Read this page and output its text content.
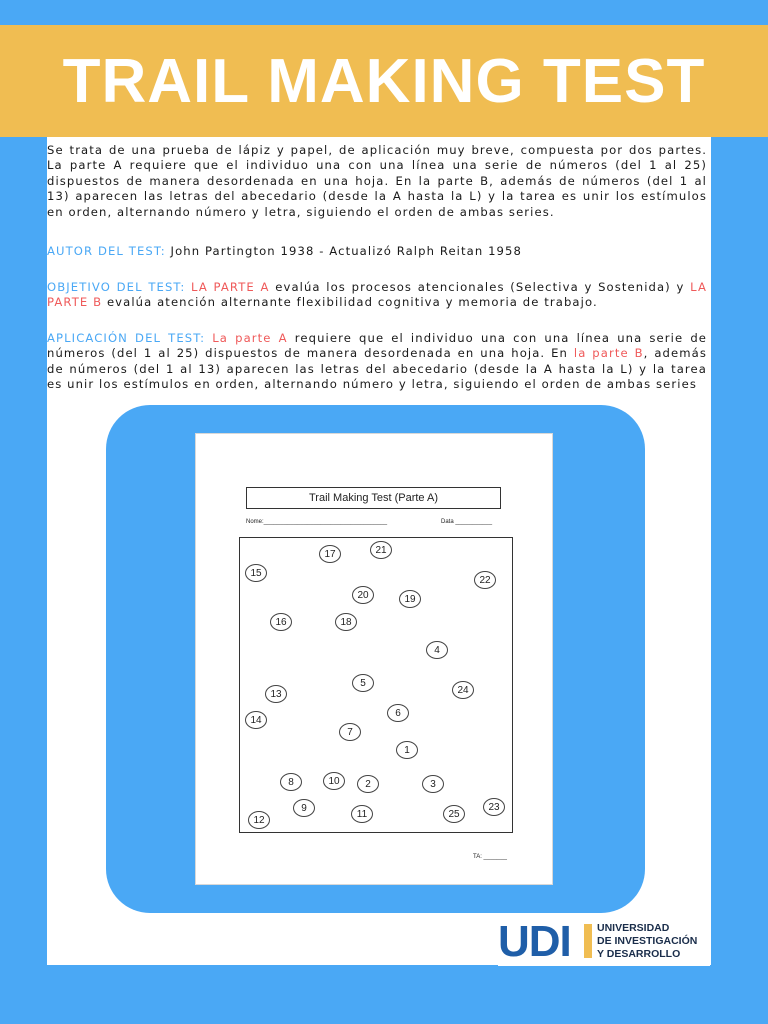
TRAIL MAKING TEST

Se trata de una prueba de lápiz y papel, de aplicación muy breve, compuesta por dos partes. La parte A requiere que el individuo una con una línea una serie de números (del 1 al 25) dispuestos de manera desordenada en una hoja. En la parte B, además de números (del 1 al 13) aparecen las letras del abecedario (desde la A hasta la L) y la tarea es unir los estímulos en orden, alternando número y letra, siguiendo el orden de ambas series.

AUTOR DEL TEST: John Partington 1938 - Actualizó Ralph Reitan 1958

OBJETIVO DEL TEST: LA PARTE A evalúa los procesos atencionales (Selectiva y Sostenida) y LA PARTE B evalúa atención alternante flexibilidad cognitiva y memoria de trabajo.

APLICACIÓN DEL TEST: La parte A requiere que el individuo una con una línea una serie de números (del 1 al 25) dispuestos de manera desordenada en una hoja. En la parte B, además de números (del 1 al 13) aparecen las letras del abecedario (desde la A hasta la L) y la tarea es unir los estímulos en orden, alternando número y letra, siguiendo el orden de ambas series

Trail Making Test (Parte A)
Nome:_____________________________________	Data ___________
17	21
15
22
20	19
16	18
4
5
24
13
6
14
7
1
8	10	2	3
9
11	25
23
12
TA: _______
UDI UNIVERSIDAD
DE INVESTIGACIÓN
Y DESARROLLO
